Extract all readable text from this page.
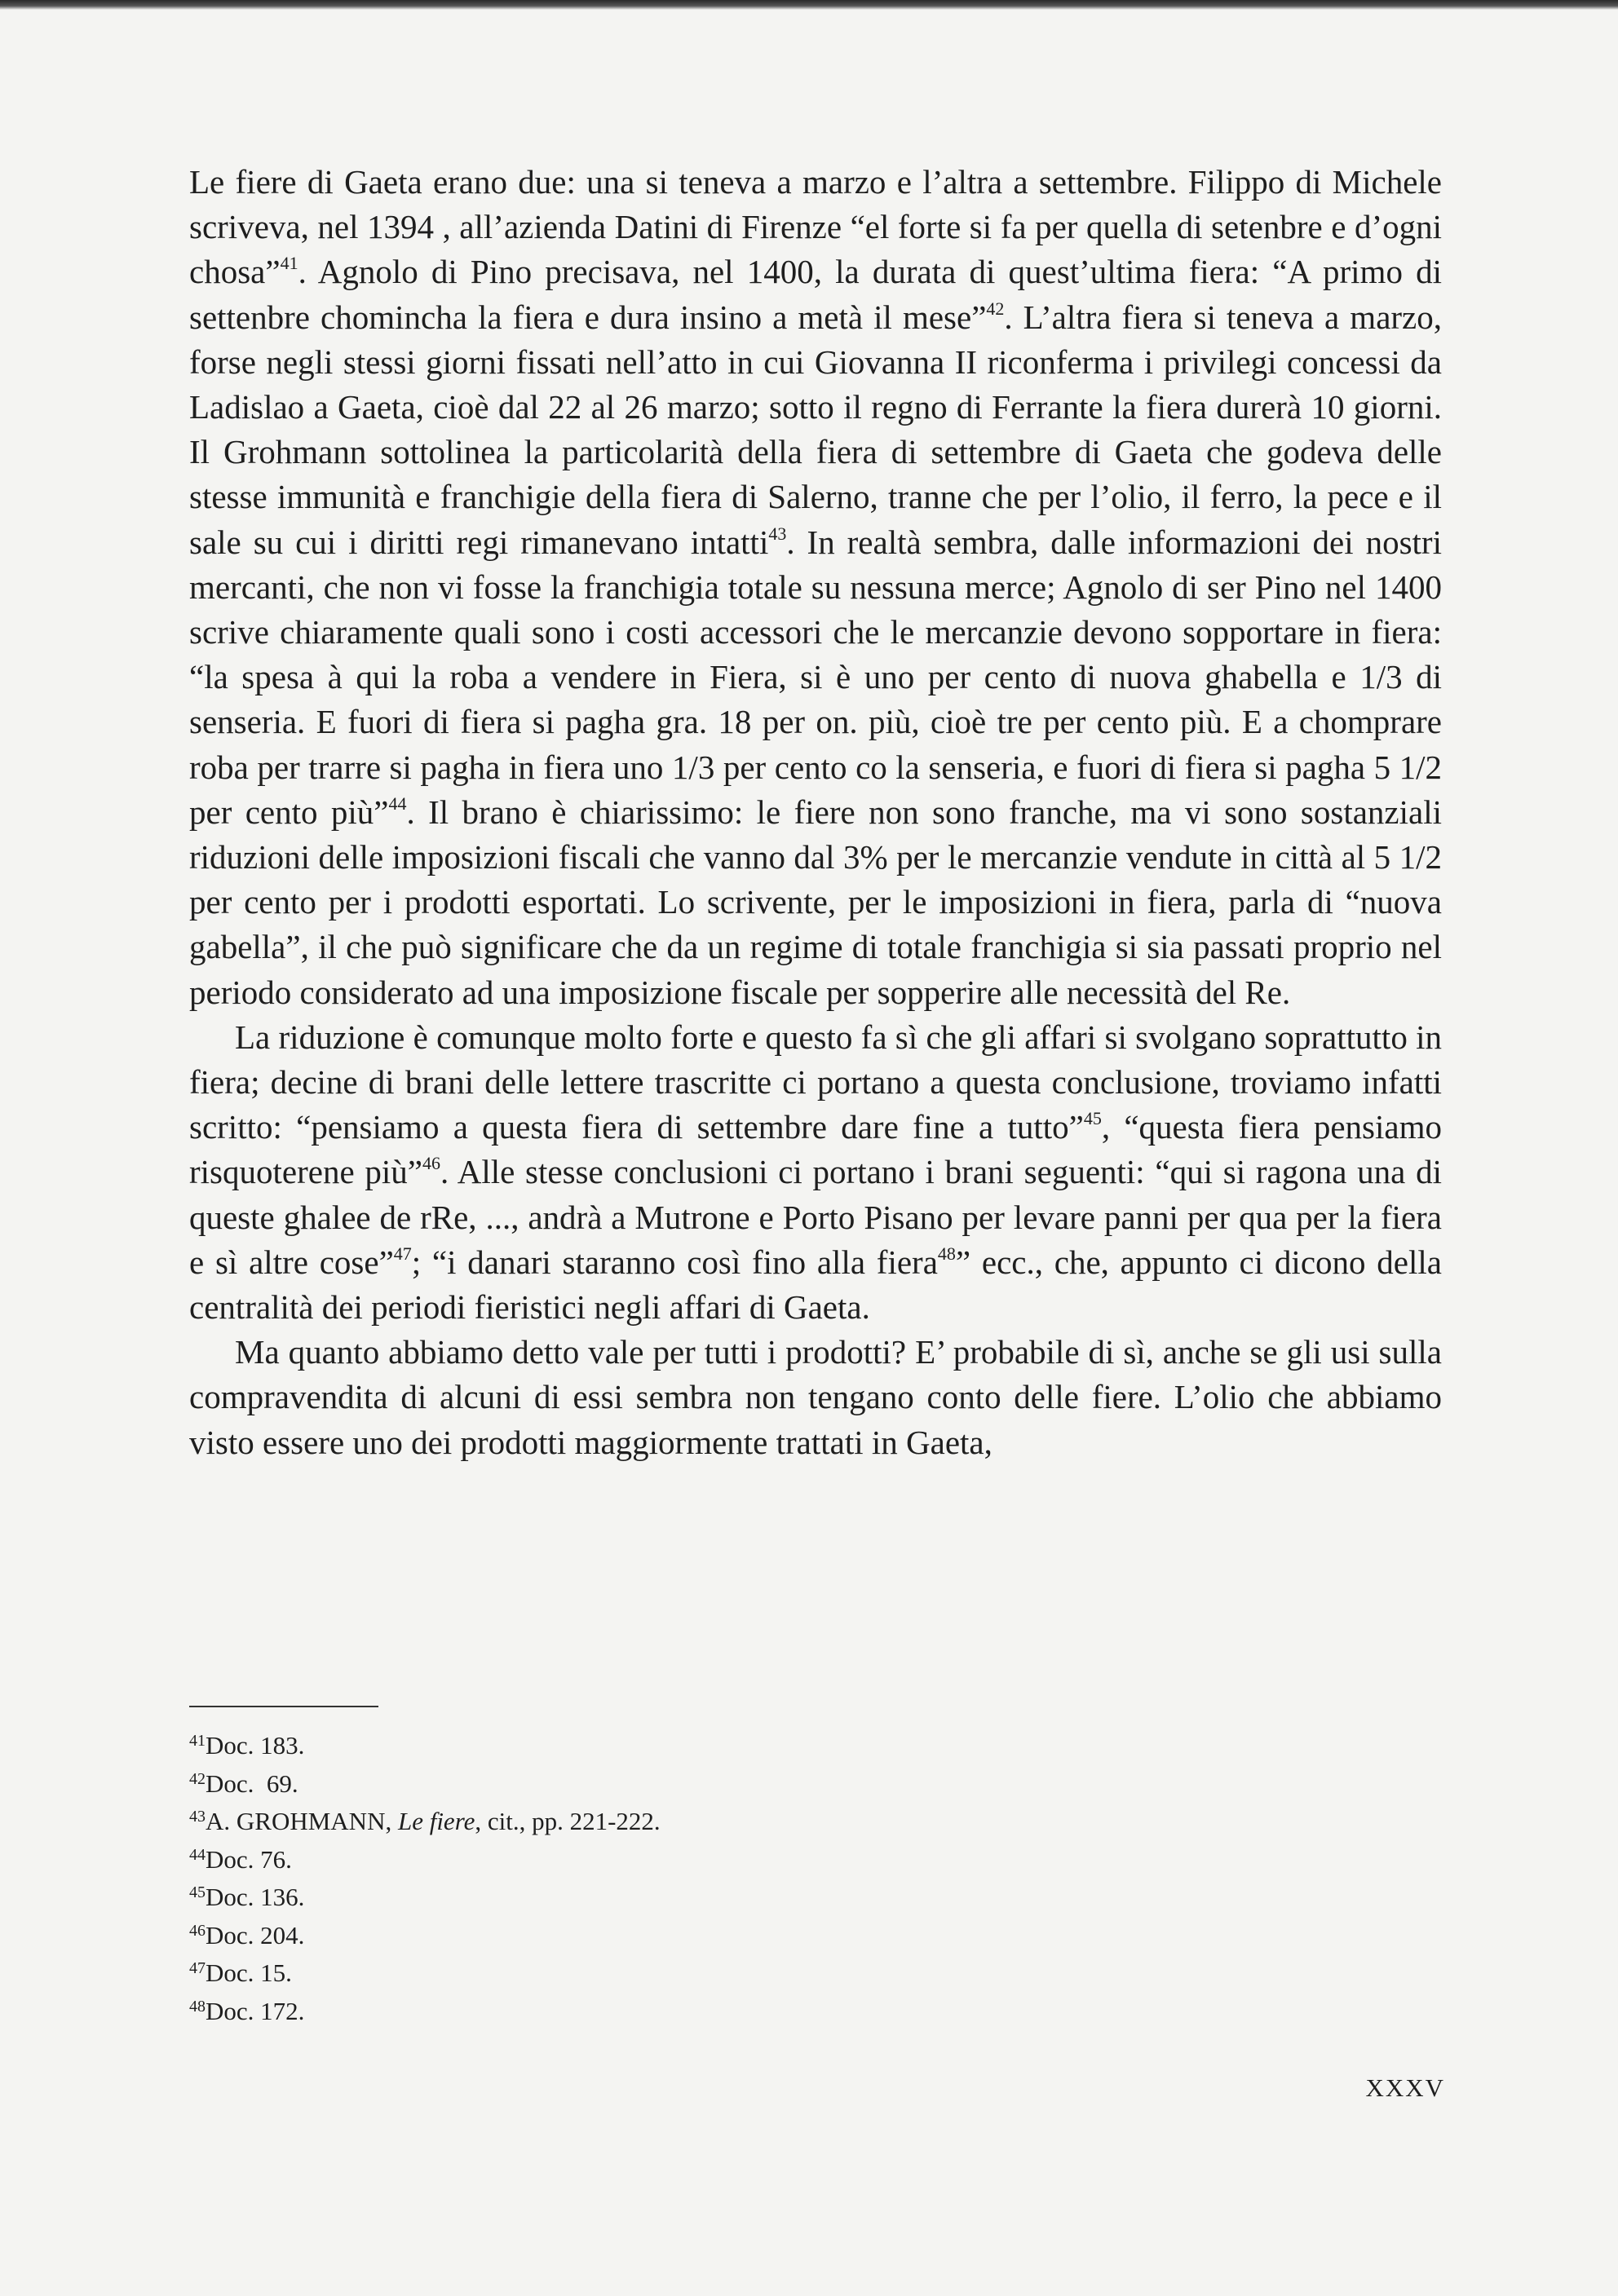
Le fiere di Gaeta erano due: una si teneva a marzo e l’altra a settembre. Filippo di Michele scriveva, nel 1394 , all’azienda Datini di Firenze “el forte si fa per quella di setenbre e d’ogni chosa”$^{41}$. Agnolo di Pino precisava, nel 1400, la durata di quest’ultima fiera: “A primo di settenbre chomincha la fiera e dura insino a metà il mese”$^{42}$. L’altra fiera si teneva a marzo, forse negli stessi giorni fissati nell’atto in cui Giovanna II riconferma i privilegi concessi da Ladislao a Gaeta, cioè dal 22 al 26 marzo; sotto il regno di Ferrante la fiera durerà 10 giorni. Il Grohmann sottolinea la particolarità della fiera di settembre di Gaeta che godeva delle stesse immunità e franchigie della fiera di Salerno, tranne che per l’olio, il ferro, la pece e il sale su cui i diritti regi rimanevano intatti$^{43}$. In realtà sembra, dalle informazioni dei nostri mercanti, che non vi fosse la franchigia totale su nessuna merce; Agnolo di ser Pino nel 1400 scrive chiaramente quali sono i costi accessori che le mercanzie devono sopportare in fiera: “la spesa à qui la roba a vendere in Fiera, si è uno per cento di nuova ghabella e 1/3 di senseria. E fuori di fiera si pagha gra. 18 per on. più, cioè tre per cento più. E a chomprare roba per trarre si pagha in fiera uno 1/3 per cento co la senseria, e fuori di fiera si pagha 5 1/2 per cento più”$^{44}$. Il brano è chiarissimo: le fiere non sono franche, ma vi sono sostanziali riduzioni delle imposizioni fiscali che vanno dal 3% per le mercanzie vendute in città al 5 1/2 per cento per i prodotti esportati. Lo scrivente, per le imposizioni in fiera, parla di “nuova gabella”, il che può significare che da un regime di totale franchigia si sia passati proprio nel periodo considerato ad una imposizione fiscale per sopperire alle necessità del Re.

La riduzione è comunque molto forte e questo fa sì che gli affari si svolgano soprattutto in fiera; decine di brani delle lettere trascritte ci portano a questa conclusione, troviamo infatti scritto: “pensiamo a questa fiera di settembre dare fine a tutto”$^{45}$, “questa fiera pensiamo risquoterene più”$^{46}$. Alle stesse conclusioni ci portano i brani seguenti: “qui si ragona una di queste ghalee de rRe, ..., andrà a Mutrone e Porto Pisano per levare panni per qua per la fiera e sì altre cose”$^{47}$; “i danari staranno così fino alla fiera$^{48}$” ecc., che, appunto ci dicono della centralità dei periodi fieristici negli affari di Gaeta.

Ma quanto abbiamo detto vale per tutti i prodotti? E’ probabile di sì, anche se gli usi sulla compravendita di alcuni di essi sembra non tengano conto delle fiere. L’olio che abbiamo visto essere uno dei prodotti maggiormente trattati in Gaeta,

$^{41}$Doc. 183.
$^{42}$Doc.  69.
$^{43}$A. GROHMANN, Le fiere, cit., pp. 221-222.
$^{44}$Doc. 76.
$^{45}$Doc. 136.
$^{46}$Doc. 204.
$^{47}$Doc. 15.
$^{48}$Doc. 172.
XXXV
